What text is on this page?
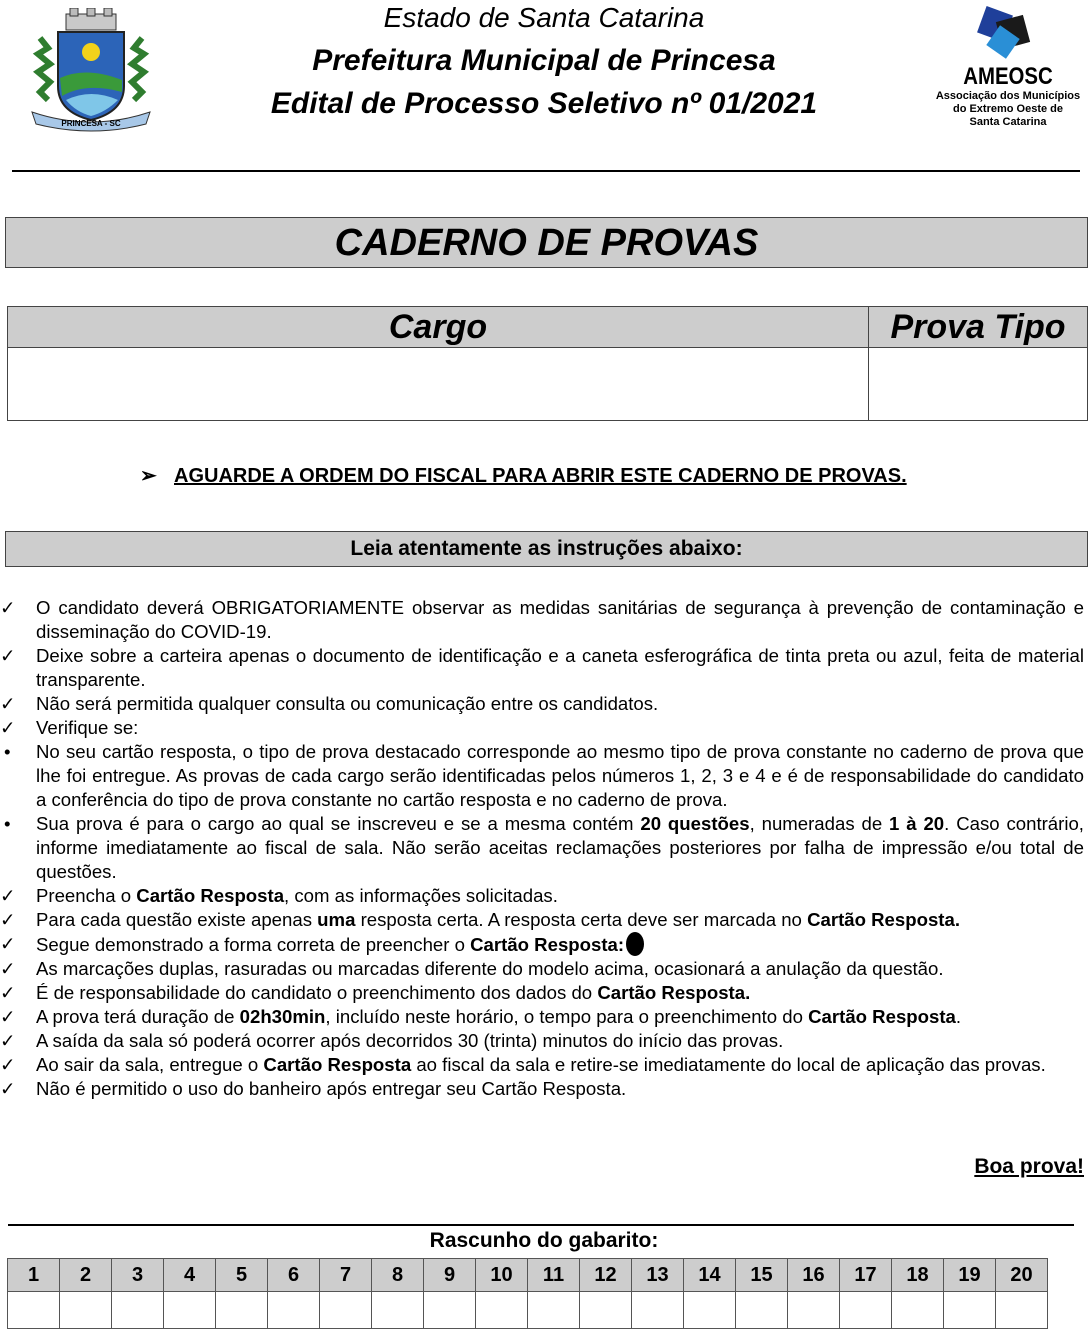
PRINCESA - SC
Estado de Santa Catarina
Prefeitura Municipal de Princesa
Edital de Processo Seletivo nº 01/2021
AMEOSC
Associação dos Municípios
do Extremo Oeste de
Santa Catarina
CADERNO DE PROVAS
Cargo	Prova Tipo

➢ AGUARDE A ORDEM DO FISCAL PARA ABRIR ESTE CADERNO DE PROVAS.
Leia atentamente as instruções abaixo:
✓	O candidato deverá OBRIGATORIAMENTE observar as medidas sanitárias de segurança à prevenção de contaminação e disseminação do COVID-19.
✓	Deixe sobre a carteira apenas o documento de identificação e a caneta esferográfica de tinta preta ou azul, feita de material transparente.
✓	Não será permitida qualquer consulta ou comunicação entre os candidatos.
✓	Verifique se:
•	No seu cartão resposta, o tipo de prova destacado corresponde ao mesmo tipo de prova constante no caderno de prova que lhe foi entregue. As provas de cada cargo serão identificadas pelos números 1, 2, 3 e 4 e é de responsabilidade do candidato a conferência do tipo de prova constante no cartão resposta e no caderno de prova.
•	Sua prova é para o cargo ao qual se inscreveu e se a mesma contém 20 questões, numeradas de 1 à 20. Caso contrário, informe imediatamente ao fiscal de sala. Não serão aceitas reclamações posteriores por falha de impressão e/ou total de questões.
✓	Preencha o Cartão Resposta, com as informações solicitadas.
✓	Para cada questão existe apenas uma resposta certa. A resposta certa deve ser marcada no Cartão Resposta.
✓	Segue demonstrado a forma correta de preencher o Cartão Resposta:
✓	As marcações duplas, rasuradas ou marcadas diferente do modelo acima, ocasionará a anulação da questão.
✓	É de responsabilidade do candidato o preenchimento dos dados do Cartão Resposta.
✓	A prova terá duração de 02h30min, incluído neste horário, o tempo para o preenchimento do Cartão Resposta.
✓	A saída da sala só poderá ocorrer após decorridos 30 (trinta) minutos do início das provas.
✓	Ao sair da sala, entregue o Cartão Resposta ao fiscal da sala e retire-se imediatamente do local de aplicação das provas.
✓	Não é permitido o uso do banheiro após entregar seu Cartão Resposta.
Boa prova!
Rascunho do gabarito:
1	2	3	4	5	6	7	8	9	10	11	12	13	14	15	16	17	18	19	20
